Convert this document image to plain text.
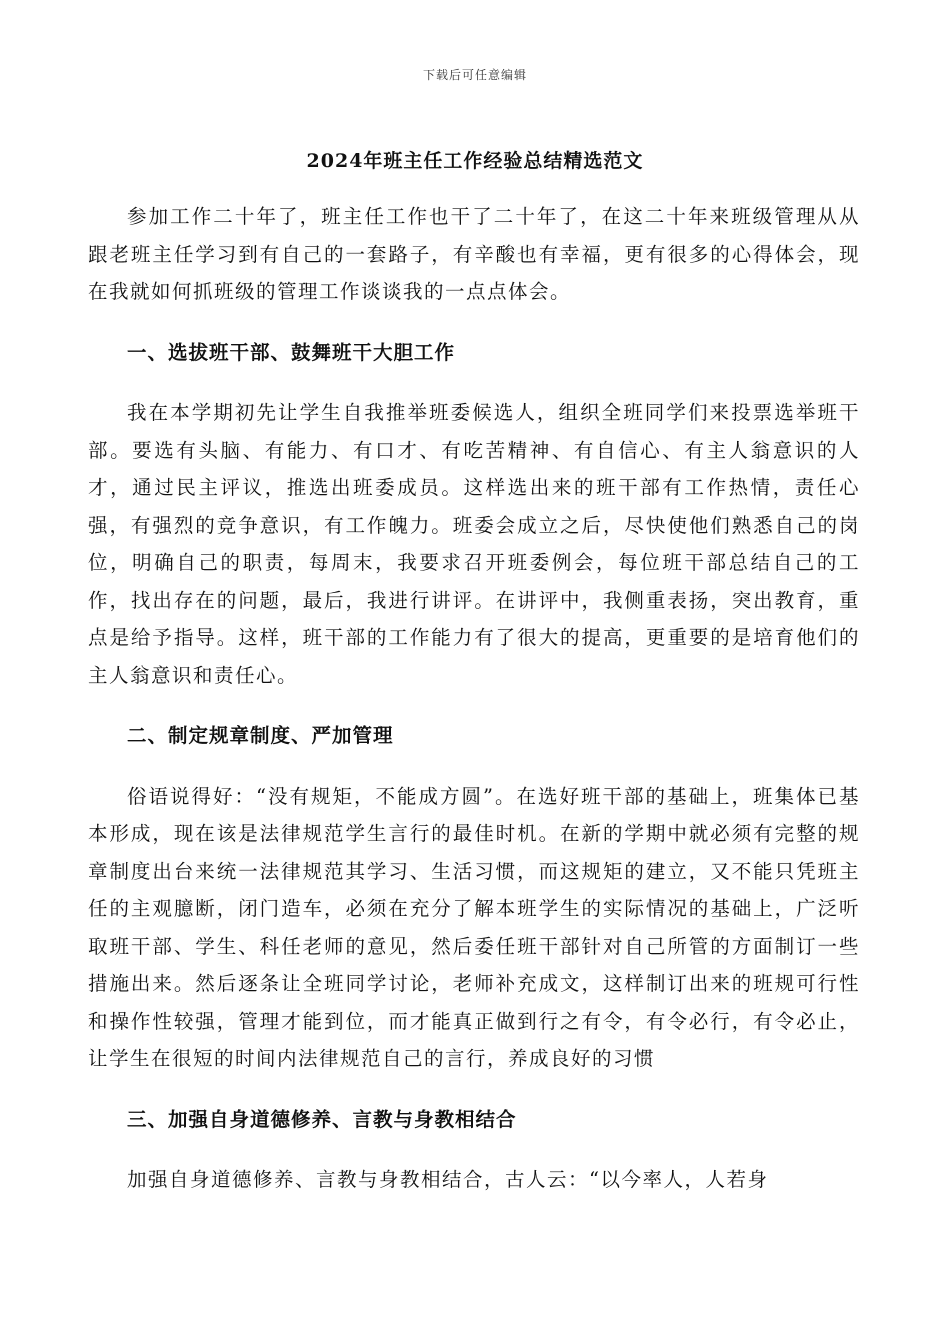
下载后可任意编辑
2024年班主任工作经验总结精选范文

参加工作二十年了，班主任工作也干了二十年了，在这二十年来班级管理从从跟老班主任学习到有自己的一套路子，有辛酸也有幸福，更有很多的心得体会，现在我就如何抓班级的管理工作谈谈我的一点点体会。

一、选拔班干部、鼓舞班干大胆工作

我在本学期初先让学生自我推举班委候选人，组织全班同学们来投票选举班干部。要选有头脑、有能力、有口才、有吃苦精神、有自信心、有主人翁意识的人才，通过民主评议，推选出班委成员。这样选出来的班干部有工作热情，责任心强，有强烈的竞争意识，有工作魄力。班委会成立之后，尽快使他们熟悉自己的岗位，明确自己的职责，每周末，我要求召开班委例会，每位班干部总结自己的工作，找出存在的问题，最后，我进行讲评。在讲评中，我侧重表扬，突出教育，重点是给予指导。这样，班干部的工作能力有了很大的提高，更重要的是培育他们的主人翁意识和责任心。

二、制定规章制度、严加管理

俗语说得好：“没有规矩，不能成方圆”。在选好班干部的基础上，班集体已基本形成，现在该是法律规范学生言行的最佳时机。在新的学期中就必须有完整的规章制度出台来统一法律规范其学习、生活习惯，而这规矩的建立，又不能只凭班主任的主观臆断，闭门造车，必须在充分了解本班学生的实际情况的基础上，广泛听取班干部、学生、科任老师的意见，然后委任班干部针对自己所管的方面制订一些措施出来。然后逐条让全班同学讨论，老师补充成文，这样制订出来的班规可行性和操作性较强，管理才能到位，而才能真正做到行之有令，有令必行，有令必止，让学生在很短的时间内法律规范自己的言行，养成良好的习惯

三、加强自身道德修养、言教与身教相结合

加强自身道德修养、言教与身教相结合，古人云：“以今率人，人若身
